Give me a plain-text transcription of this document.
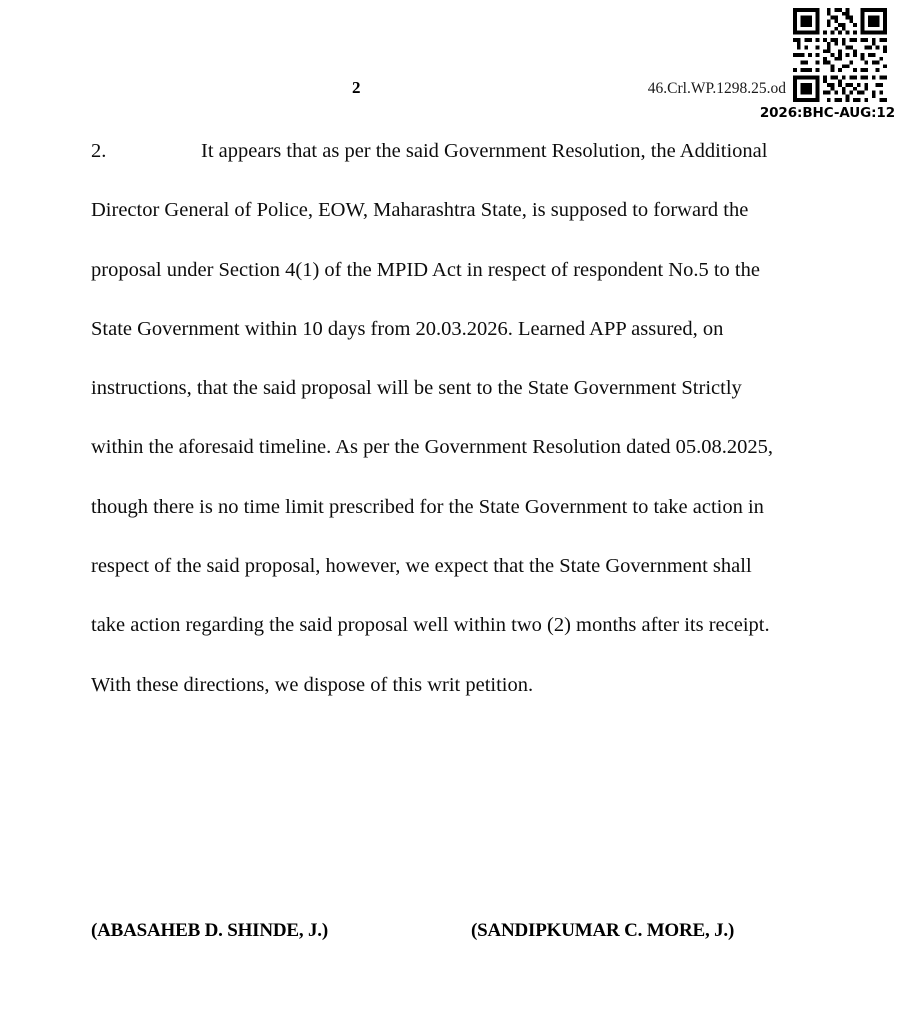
2	46.Crl.WP.1298.25.od
2026:BHC-AUG:12

2.	It appears that as per the said Government Resolution, the Additional Director General of Police, EOW, Maharashtra State, is supposed to forward the proposal under Section 4(1) of the MPID Act in respect of respondent No.5 to the State Government within 10 days from 20.03.2026. Learned APP assured, on instructions, that the said proposal will be sent to the State Government Strictly within the aforesaid timeline. As per the Government Resolution dated 05.08.2025, though there is no time limit prescribed for the State Government to take action in respect of the said proposal, however, we expect that the State Government shall take action regarding the said proposal well within two (2) months after its receipt. With these directions, we dispose of this writ petition.

(ABASAHEB D. SHINDE, J.)	(SANDIPKUMAR C. MORE, J.)
